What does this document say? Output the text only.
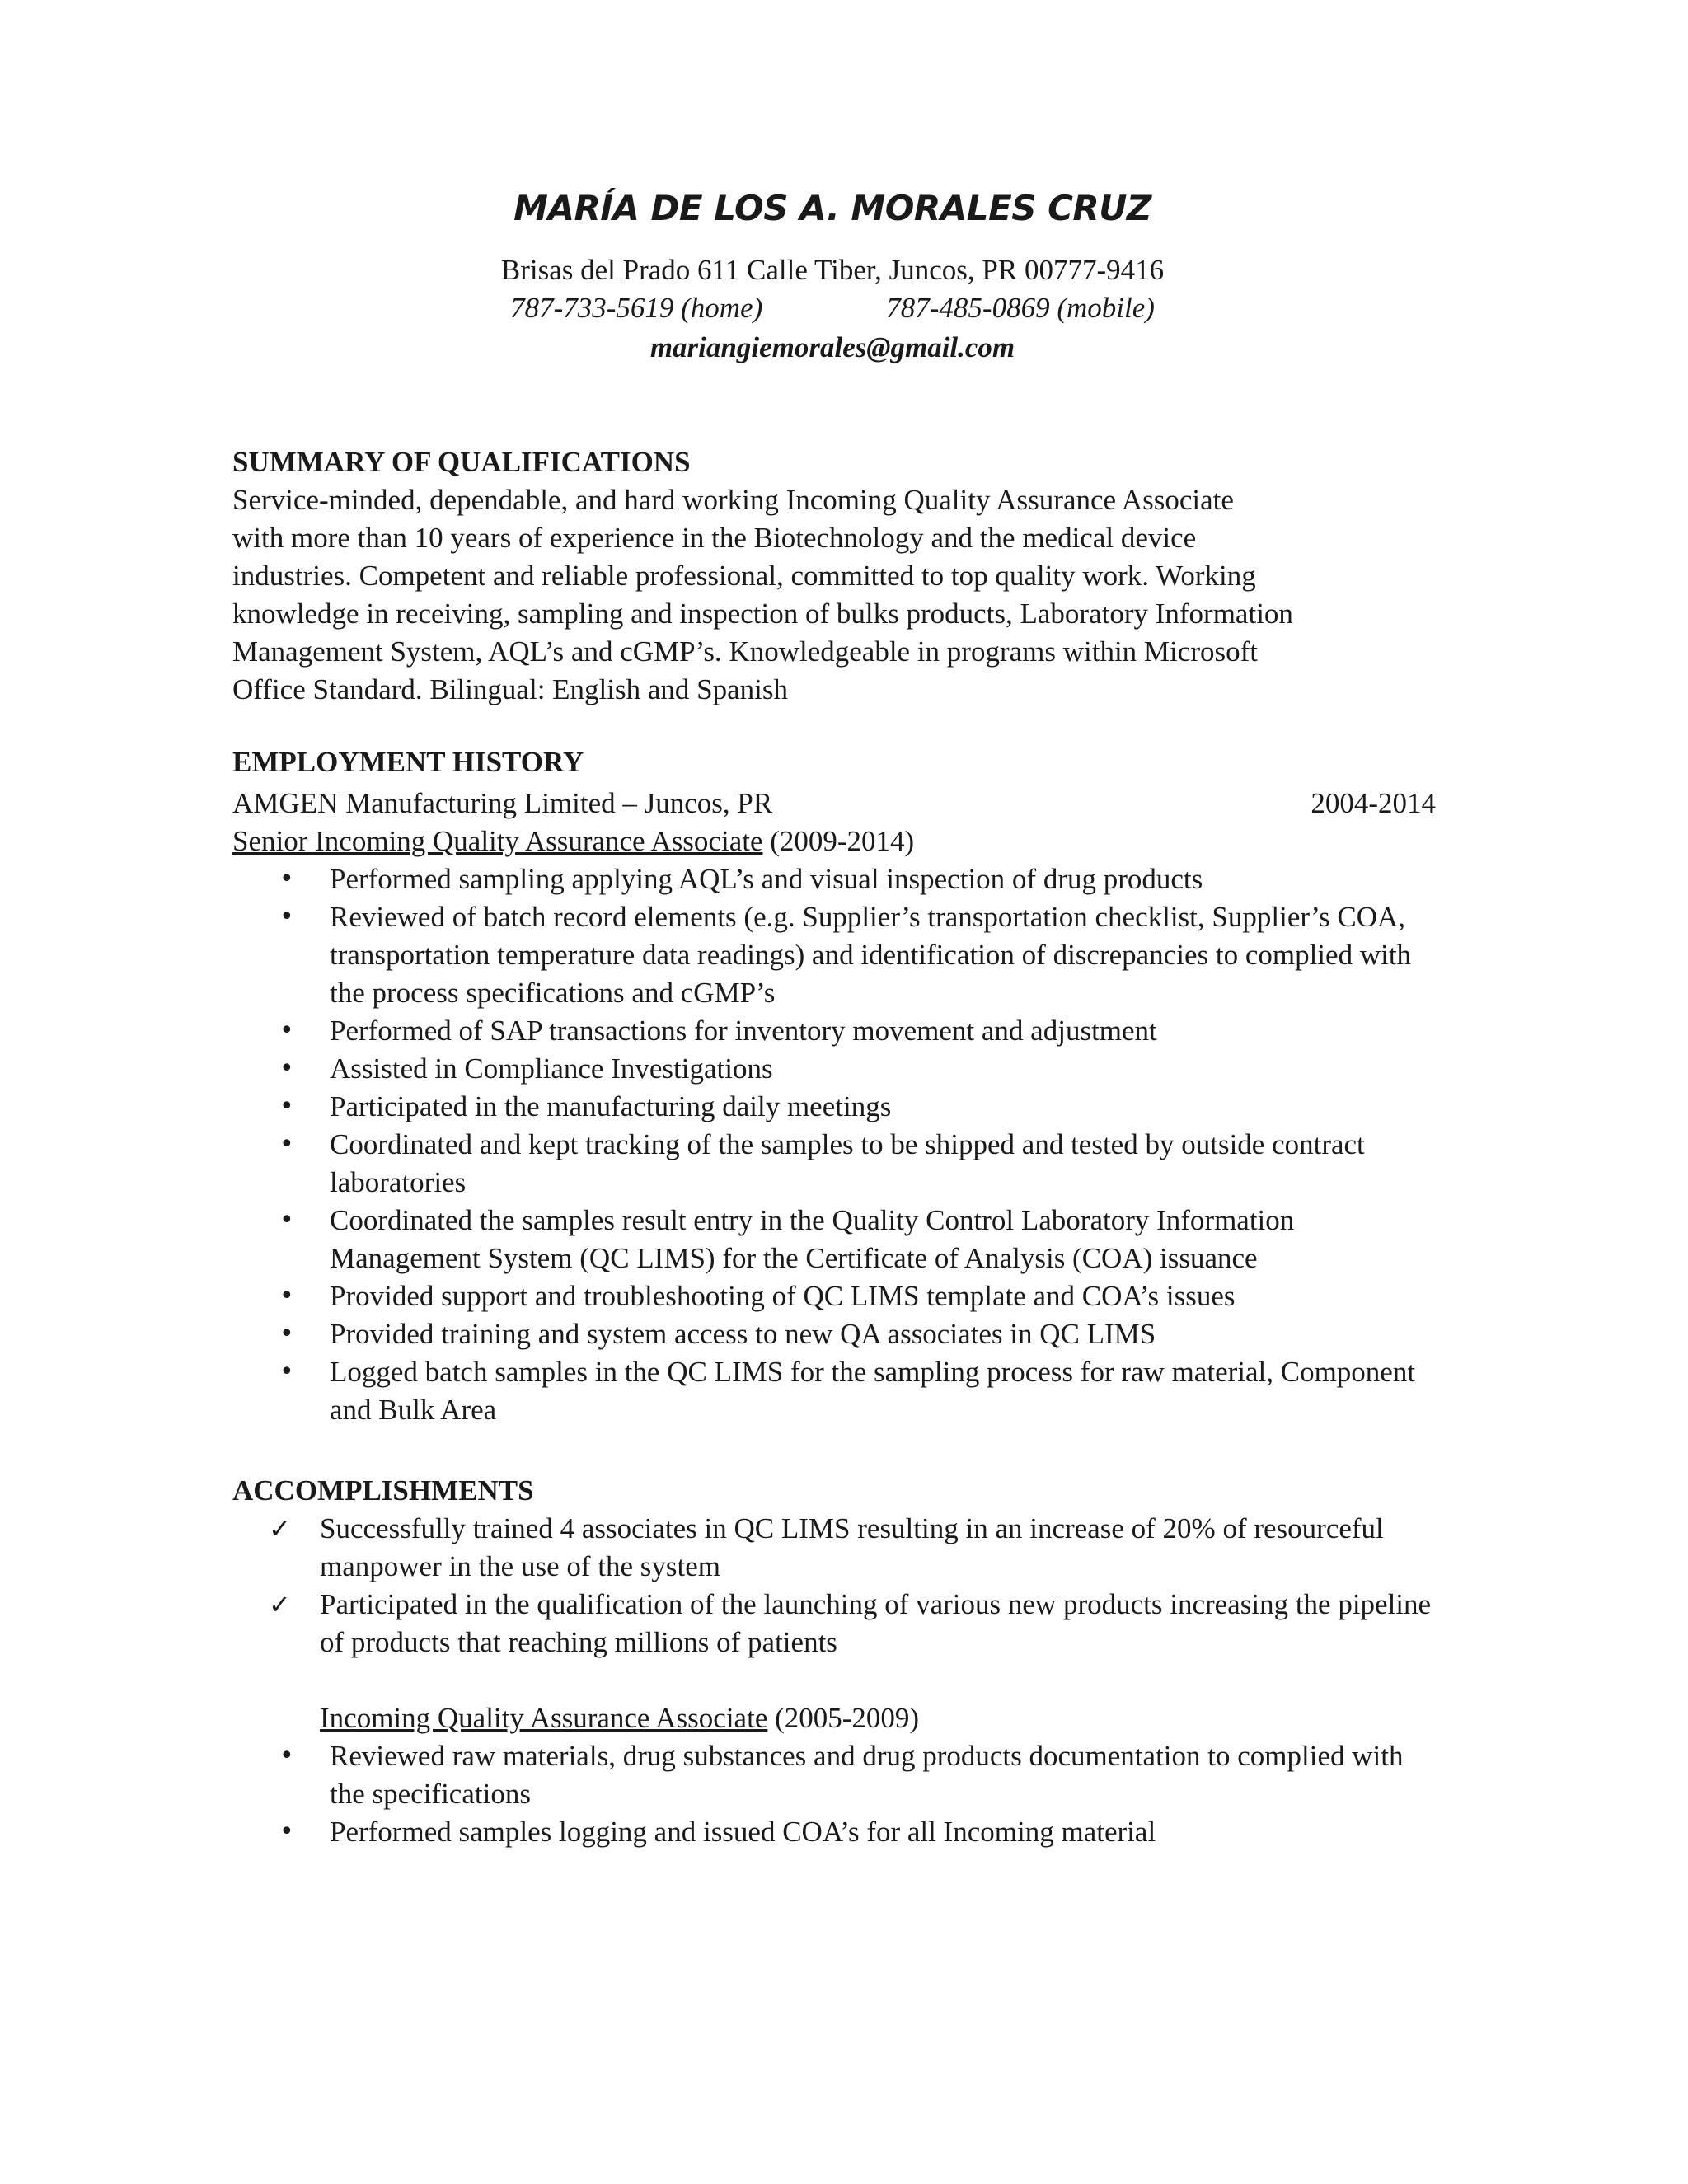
MARÍA DE LOS A. MORALES CRUZ
Brisas del Prado 611 Calle Tiber, Juncos, PR 00777-9416
787-733-5619 (home)	787-485-0869 (mobile)
mariangiemorales@gmail.com
SUMMARY OF QUALIFICATIONS
Service-minded, dependable, and hard working Incoming Quality Assurance Associate
with more than 10 years of experience in the Biotechnology and the medical device
industries. Competent and reliable professional, committed to top quality work. Working
knowledge in receiving, sampling and inspection of bulks products, Laboratory Information
Management System, AQL’s and cGMP’s. Knowledgeable in programs within Microsoft
Office Standard. Bilingual: English and Spanish
EMPLOYMENT HISTORY
AMGEN Manufacturing Limited – Juncos, PR	2004-2014
Senior Incoming Quality Assurance Associate (2009-2014)
• Performed sampling applying AQL’s and visual inspection of drug products
• Reviewed of batch record elements (e.g. Supplier’s transportation checklist, Supplier’s COA, transportation temperature data readings) and identification of discrepancies to complied with the process specifications and cGMP’s
• Performed of SAP transactions for inventory movement and adjustment
• Assisted in Compliance Investigations
• Participated in the manufacturing daily meetings
• Coordinated and kept tracking of the samples to be shipped and tested by outside contract laboratories
• Coordinated the samples result entry in the Quality Control Laboratory Information Management System (QC LIMS) for the Certificate of Analysis (COA) issuance
• Provided support and troubleshooting of QC LIMS template and COA’s issues
• Provided training and system access to new QA associates in QC LIMS
• Logged batch samples in the QC LIMS for the sampling process for raw material, Component and Bulk Area
ACCOMPLISHMENTS
✓ Successfully trained 4 associates in QC LIMS resulting in an increase of 20% of resourceful manpower in the use of the system
✓ Participated in the qualification of the launching of various new products increasing the pipeline of products that reaching millions of patients
Incoming Quality Assurance Associate (2005-2009)
• Reviewed raw materials, drug substances and drug products documentation to complied with the specifications
• Performed samples logging and issued COA’s for all Incoming material
